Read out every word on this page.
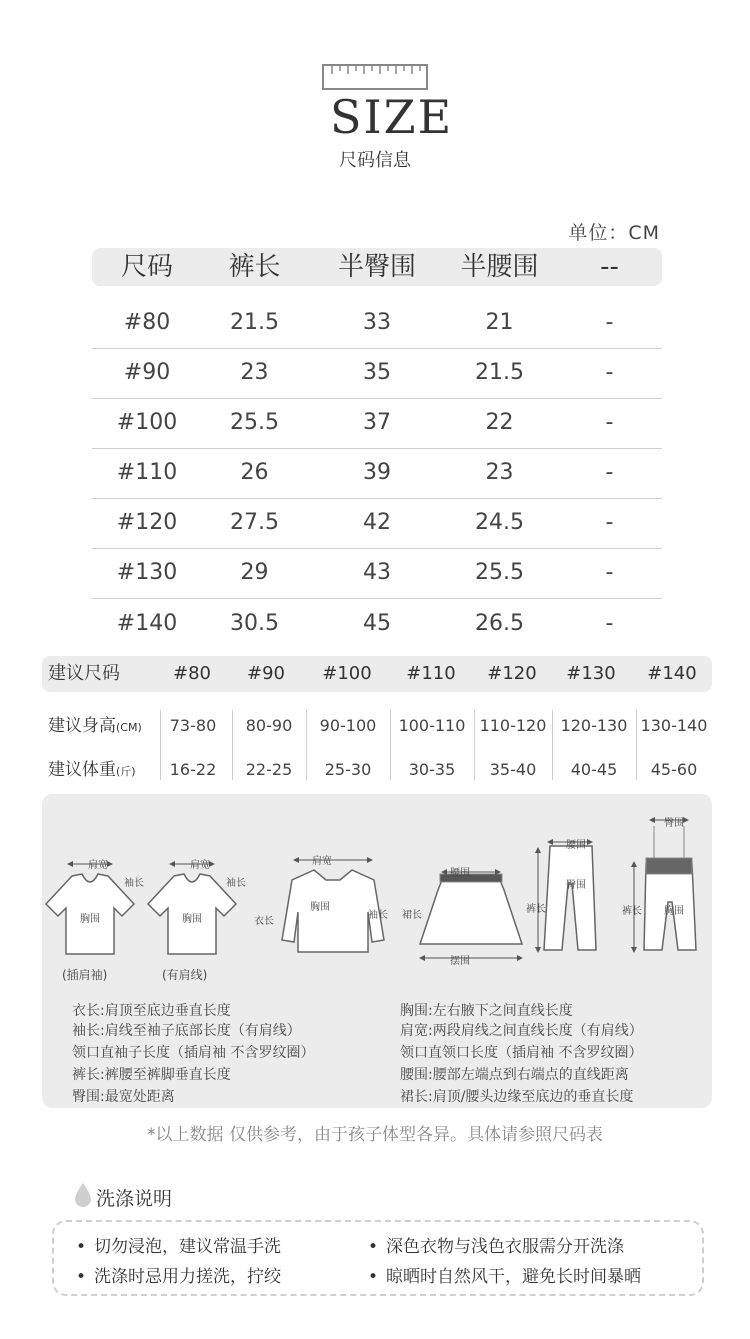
SIZE
尺码信息
单位：CM
尺码	裤长	半臀围	半腰围	--
#80	21.5	33	21	-
#90	23	35	21.5	-
#100	25.5	37	22	-
#110	26	39	23	-
#120	27.5	42	24.5	-
#130	29	43	25.5	-
#140	30.5	45	26.5	-
建议尺码	#80	#90	#100	#110	#120	#130	#140
建议身高(CM)	73-80	80-90	90-100	100-110 110-120 120-130 130-140
建议体重(斤)	16-22	22-25	25-30	30-35	35-40	40-45	45-60
肩宽
袖长
胸围
(插肩袖)
肩宽
袖长
胸围
(有肩线)
肩宽
胸围
衣长
袖长
腰围
裙长
摆围
腰围
臀围
裤长
臀围
裤长 胸围
衣长:肩顶至底边垂直长度
袖长:肩线至袖子底部长度（有肩线）
领口直袖子长度（插肩袖 不含罗纹圈）
裤长:裤腰至裤脚垂直长度
臀围:最宽处距离
胸围:左右腋下之间直线长度
肩宽:两段肩线之间直线长度（有肩线）
领口直领口长度（插肩袖 不含罗纹圈）
腰围:腰部左端点到右端点的直线距离
裙长:肩顶/腰头边缘至底边的垂直长度
*以上数据 仅供参考，由于孩子体型各异。具体请参照尺码表
洗涤说明
• 切勿浸泡，建议常温手洗	• 深色衣物与浅色衣服需分开洗涤
• 洗涤时忌用力搓洗，拧绞	• 晾晒时自然风干，避免长时间暴晒
